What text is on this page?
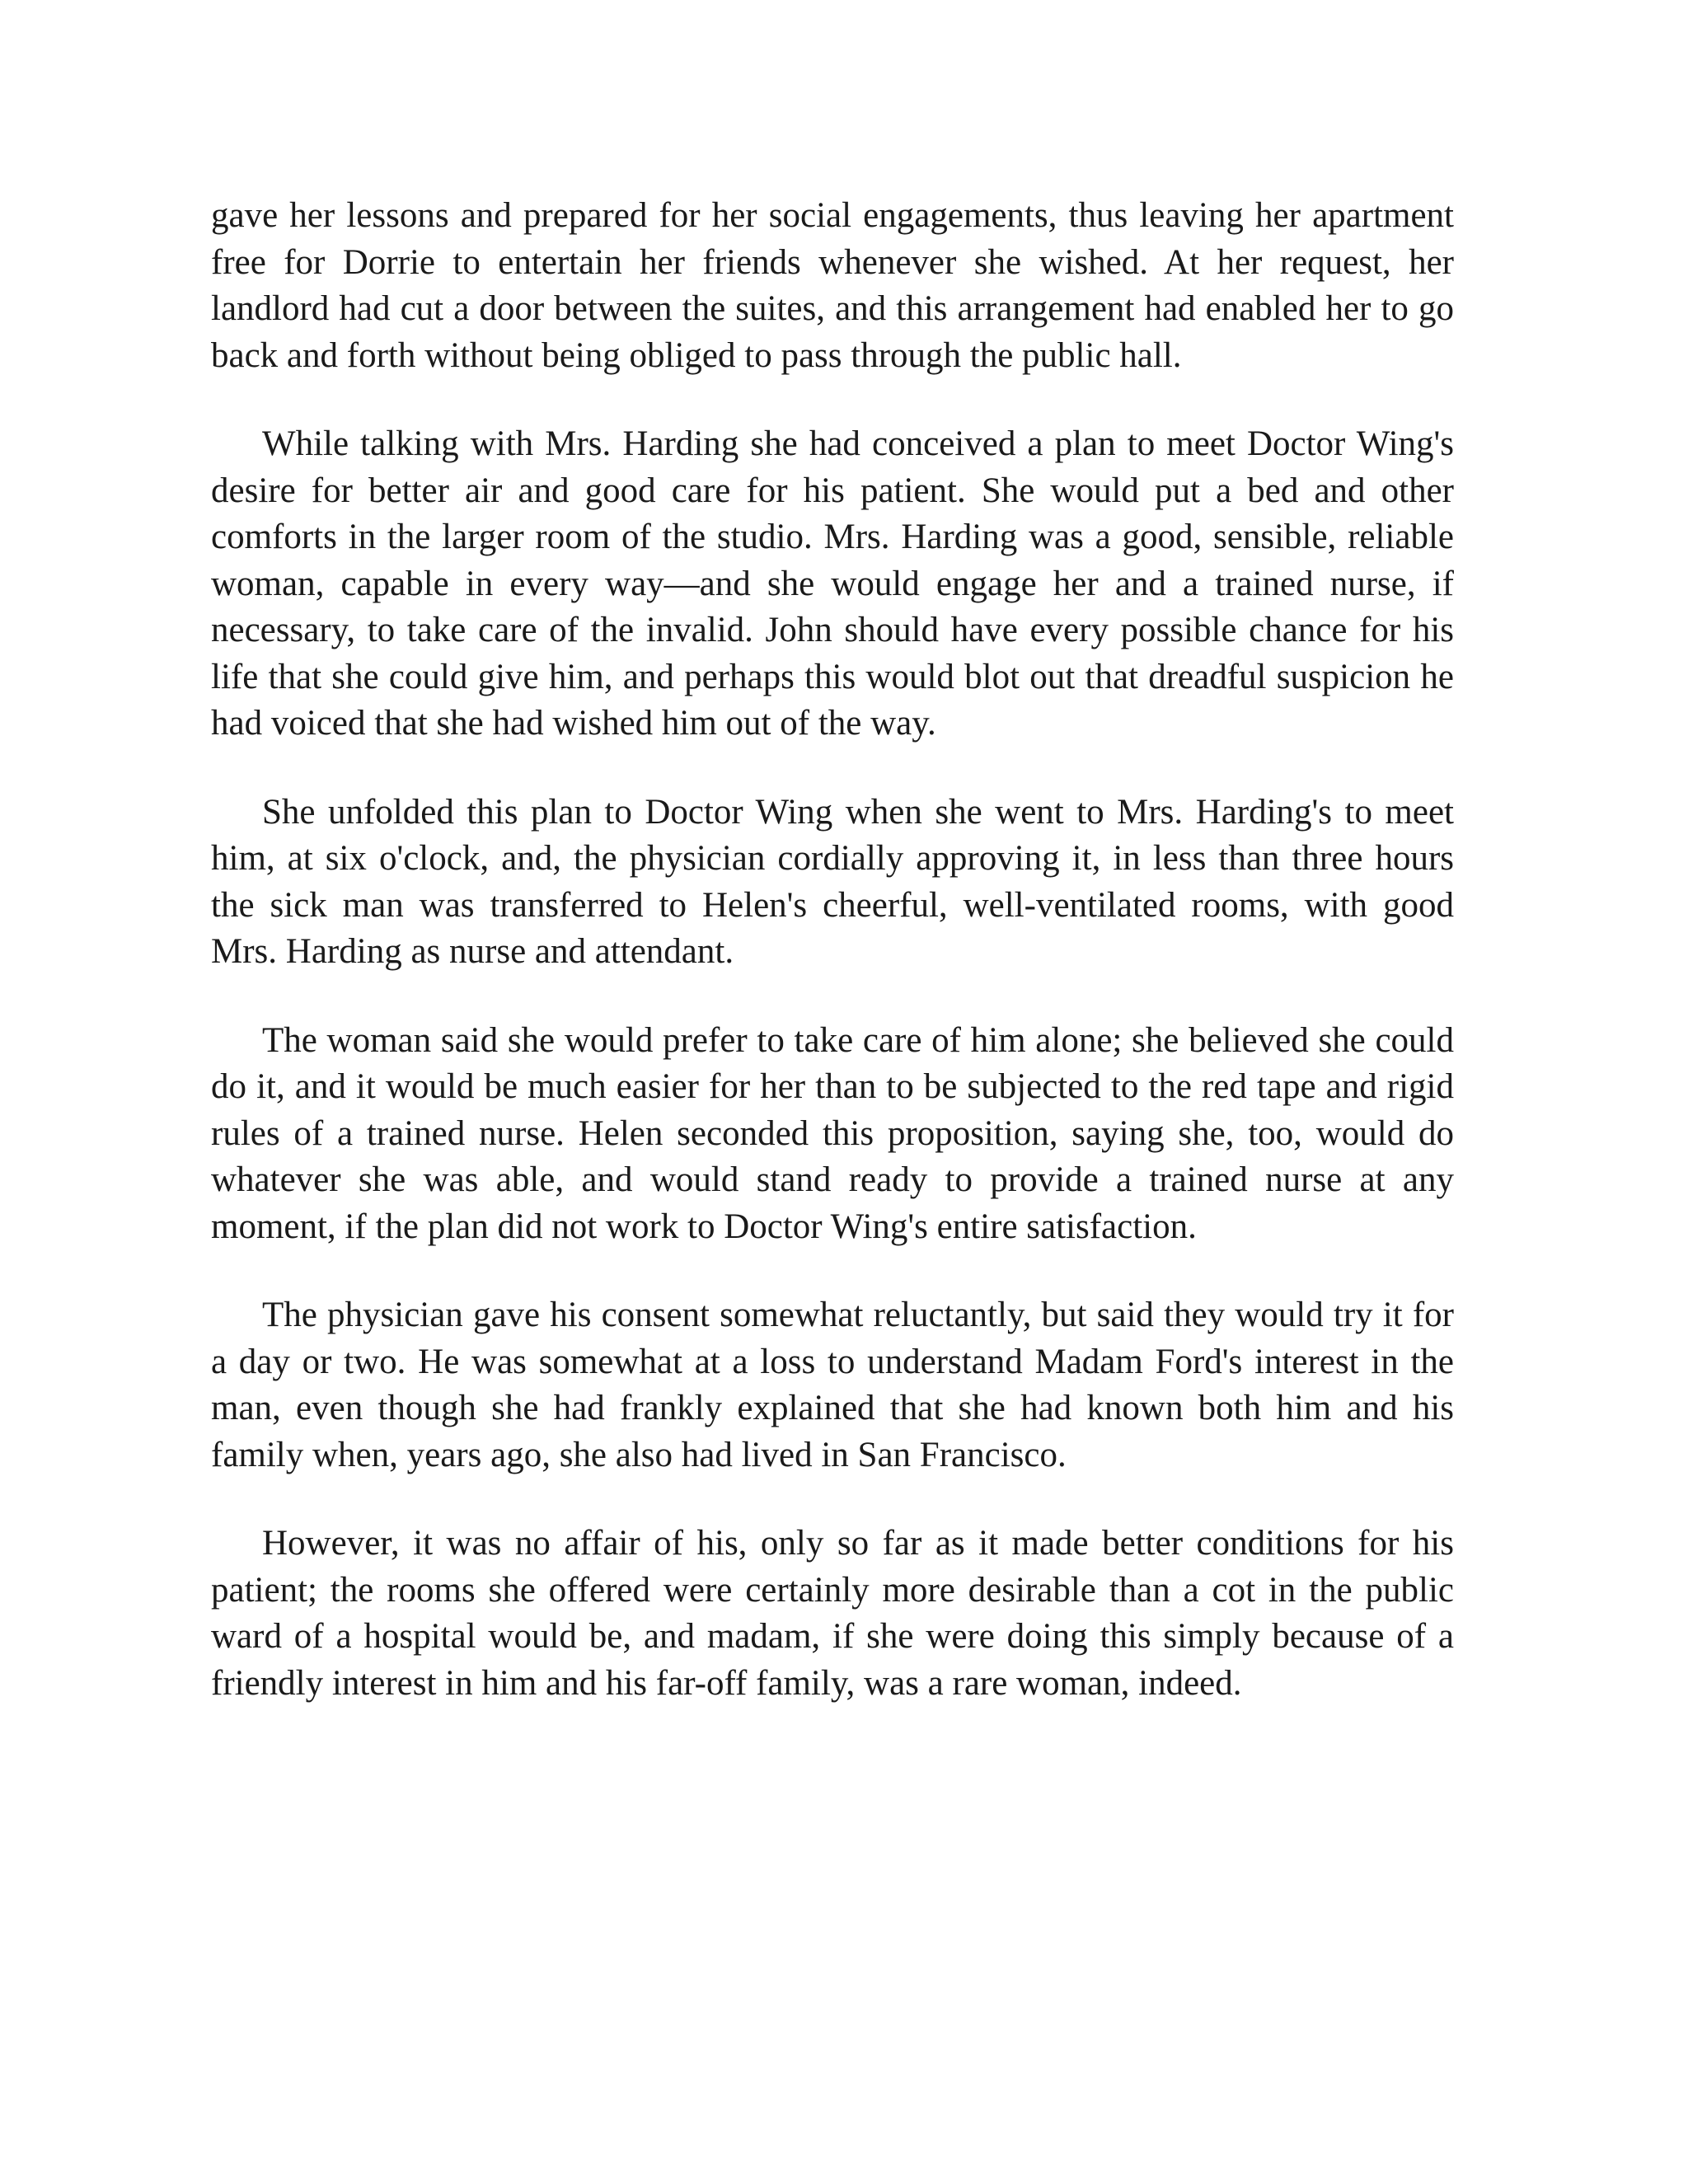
gave her lessons and prepared for her social engagements, thus leaving her apartment free for Dorrie to entertain her friends whenever she wished. At her request, her landlord had cut a door between the suites, and this arrangement had enabled her to go back and forth without being obliged to pass through the public hall.

While talking with Mrs. Harding she had conceived a plan to meet Doctor Wing's desire for better air and good care for his patient. She would put a bed and other comforts in the larger room of the studio. Mrs. Harding was a good, sensible, reliable woman, capable in every way—and she would engage her and a trained nurse, if necessary, to take care of the invalid. John should have every possible chance for his life that she could give him, and perhaps this would blot out that dreadful suspicion he had voiced that she had wished him out of the way.

She unfolded this plan to Doctor Wing when she went to Mrs. Harding's to meet him, at six o'clock, and, the physician cordially approving it, in less than three hours the sick man was transferred to Helen's cheerful, well-ventilated rooms, with good Mrs. Harding as nurse and attendant.

The woman said she would prefer to take care of him alone; she believed she could do it, and it would be much easier for her than to be subjected to the red tape and rigid rules of a trained nurse. Helen seconded this proposition, saying she, too, would do whatever she was able, and would stand ready to provide a trained nurse at any moment, if the plan did not work to Doctor Wing's entire satisfaction.

The physician gave his consent somewhat reluctantly, but said they would try it for a day or two. He was somewhat at a loss to understand Madam Ford's interest in the man, even though she had frankly explained that she had known both him and his family when, years ago, she also had lived in San Francisco.

However, it was no affair of his, only so far as it made better conditions for his patient; the rooms she offered were certainly more desirable than a cot in the public ward of a hospital would be, and madam, if she were doing this simply because of a friendly interest in him and his far-off family, was a rare woman, indeed.
